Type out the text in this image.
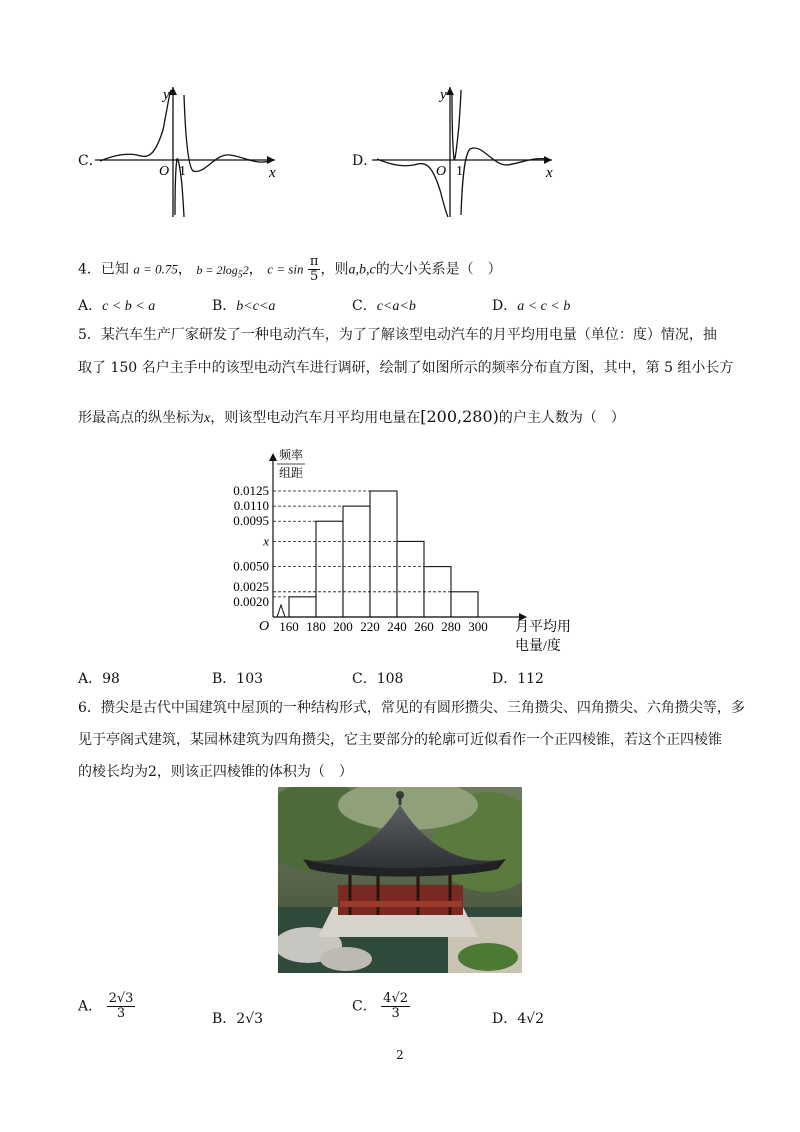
C．
x
y
O 1
D．
x
y
O 1
4．已知 a = 0.75， $b = 2\log_52$， $c = \sin \frac{\pi}{5}$ ，则a,b,c的大小关系是（　）
A．c < b < a	B．b<c<a	C．c<a<b	D．a < c < b
5．某汽车生产厂家研发了一种电动汽车，为了了解该型电动汽车的月平均用电量（单位：度）情况，抽
取了 150 名户主手中的该型电动汽车进行调研，绘制了如图所示的频率分布直方图，其中，第 5 组小长方
形最高点的纵坐标为x，则该型电动汽车月平均用电量在[200,280)的户主人数为（　）
频率
组距
O	月平均用
电量/度
0.0125
0.0110
0.0095
x
0.0050
0.0025
0.0020
160 180 200 220 240 260 280 300
A．98	B．103	C．108	D．112
6．攒尖是古代中国建筑中屋顶的一种结构形式，常见的有圆形攒尖、三角攒尖、四角攒尖、六角攒尖等，多
见于亭阁式建筑，某园林建筑为四角攒尖，它主要部分的轮廓可近似看作一个正四棱锥，若这个正四棱锥
的棱长均为2，则该正四棱锥的体积为（　）
A． $\frac{2√3}{3}$	B．2√3
C． $\frac{4√2}{3}$	D．4√2
2
